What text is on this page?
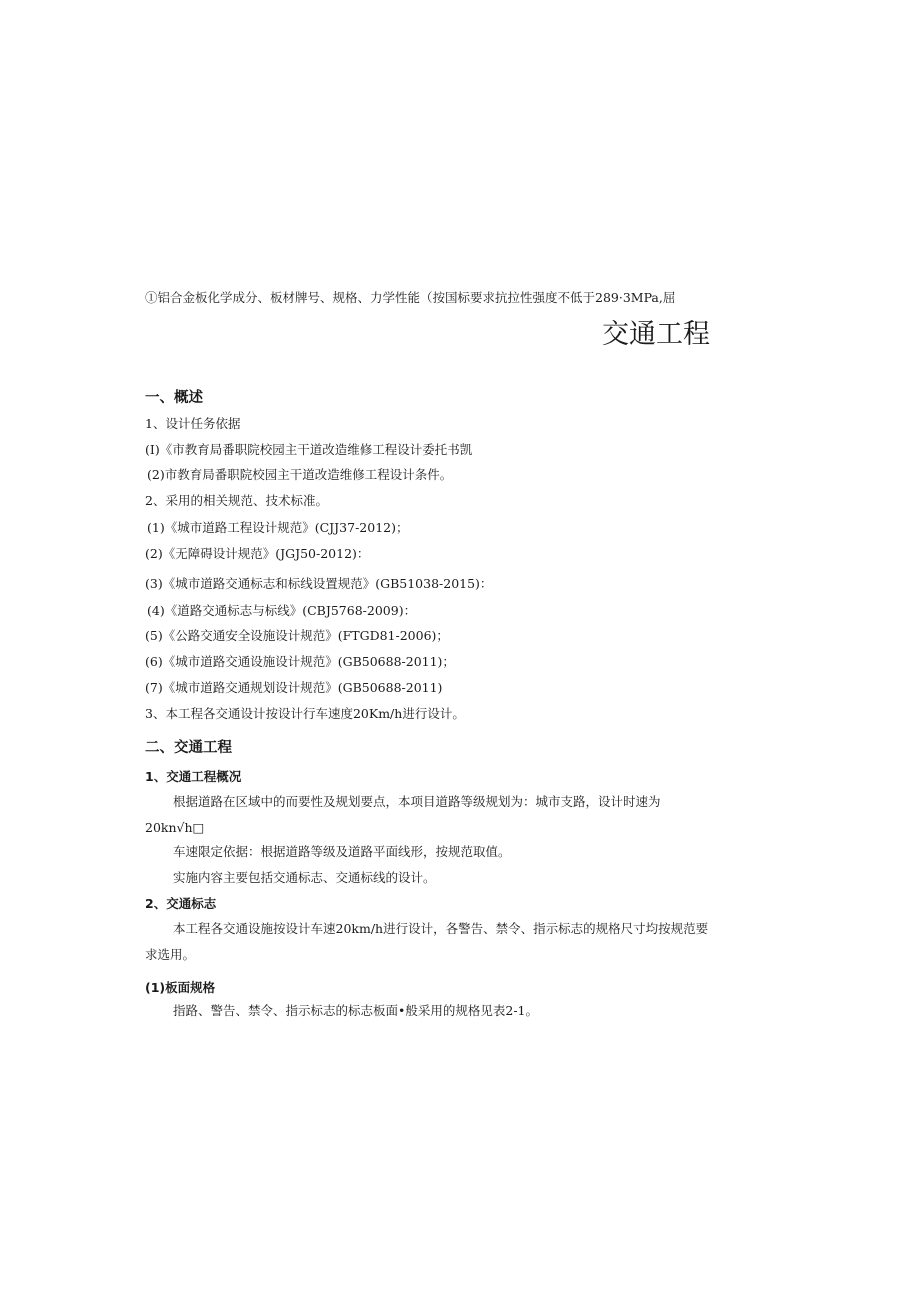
①铝合金板化学成分、板材牌号、规格、力学性能（按国标要求抗拉性强度不低于289·3MPa,屈
交通工程
一、概述
1、设计任务依据
(I)《市教育局番职院校园主干道改造维修工程设计委托书凯
(2)市教育局番职院校园主干道改造维修工程设计条件。
2、采用的相关规范、技术标准。
(1)《城市道路工程设计规范》(CJJ37-2012)；
(2)《无障碍设计规范》(JGJ50-2012)：
(3)《城市道路交通标志和标线设置规范》(GB51038-2015)：
(4)《道路交通标志与标线》(CBJ5768-2009)：
(5)《公路交通安全设施设计规范》(FTGD81-2006)；
(6)《城市道路交通设施设计规范》(GB50688-2011)；
(7)《城市道路交通规划设计规范》(GB50688-2011)
3、本工程各交通设计按设计行车速度20Km/h进行设计。
二、交通工程
1、交通工程概况

根据道路在区域中的而要性及规划要点，本项目道路等级规划为：城市支路，设计时速为20kn√h□

车速限定依据：根据道路等级及道路平面线形，按规范取值。

实施内容主要包括交通标志、交通标线的设计。

2、交通标志

本工程各交通设施按设计车速20km/h进行设计，各警告、禁令、指示标志的规格尺寸均按规范要求选用。

(1)板面规格

指路、警告、禁令、指示标志的标志板面•般采用的规格见表2-1。
